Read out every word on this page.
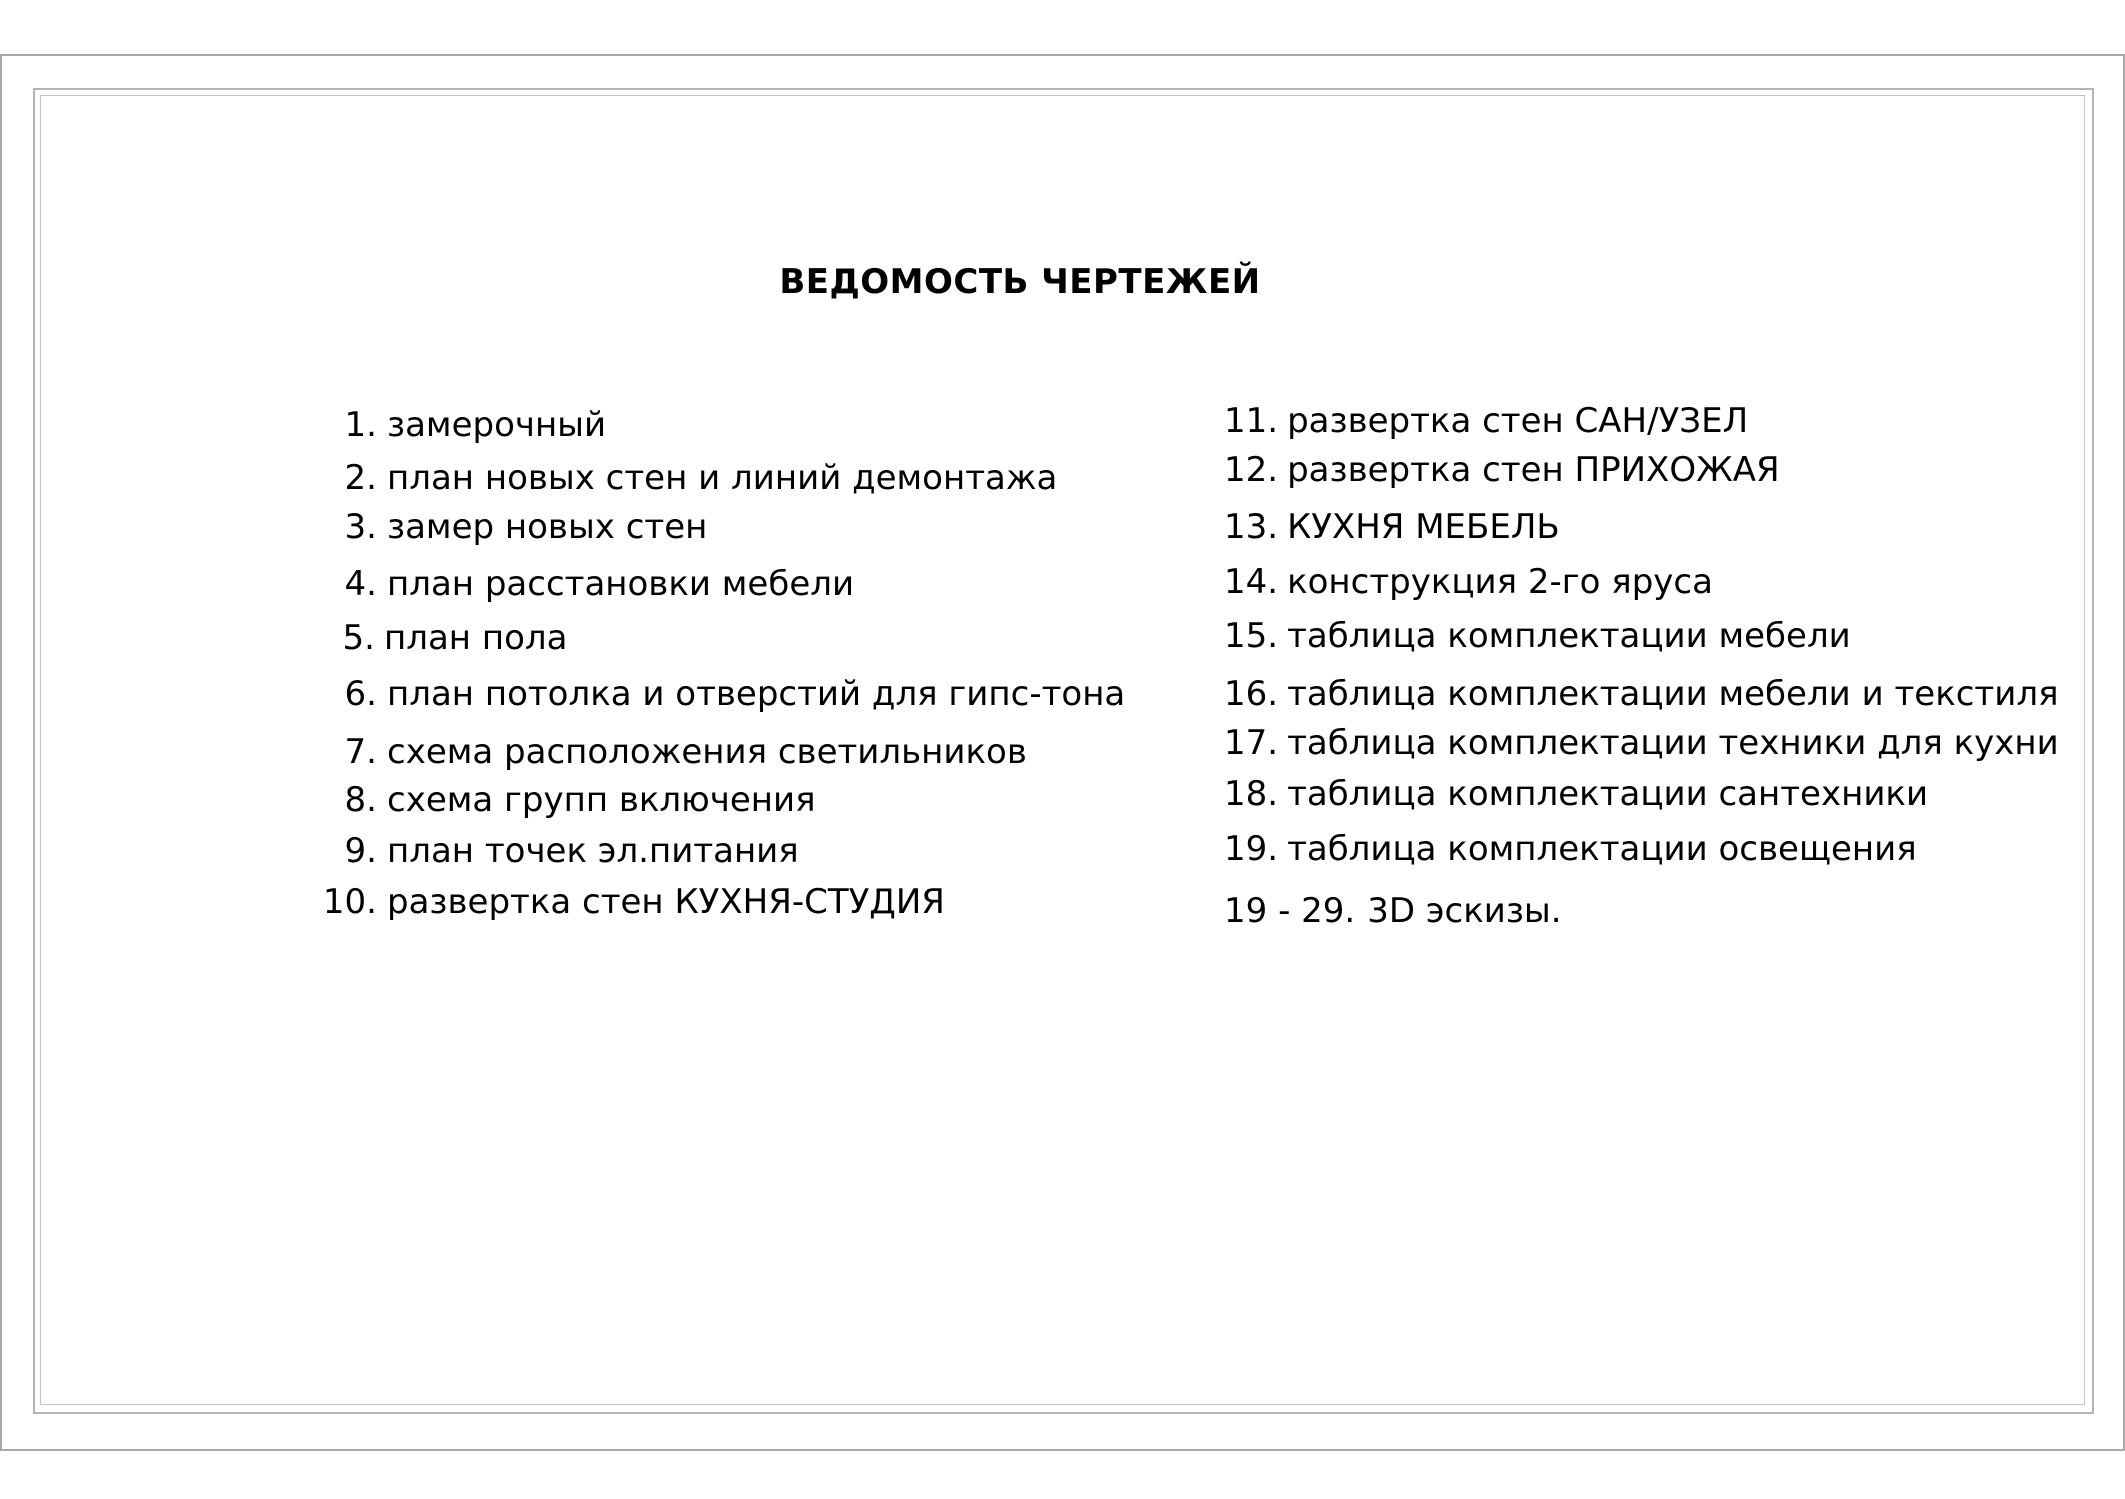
ВЕДОМОСТЬ ЧЕРТЕЖЕЙ
1. замерочный
2. план новых стен и линий демонтажа
3. замер новых стен
4. план расстановки мебели
5. план пола
6. план потолка и отверстий для гипс-тона
7. схема расположения светильников
8. схема групп включения
9. план точек эл.питания
10. развертка стен КУХНЯ-СТУДИЯ
11. развертка стен САН/УЗЕЛ
12. развертка стен ПРИХОЖАЯ
13. КУХНЯ МЕБЕЛЬ
14. конструкция 2-го яруса
15. таблица комплектации мебели
16. таблица комплектации мебели и текстиля
17. таблица комплектации техники для кухни
18. таблица комплектации сантехники
19. таблица комплектации освещения
19 - 29. 3D эскизы.
